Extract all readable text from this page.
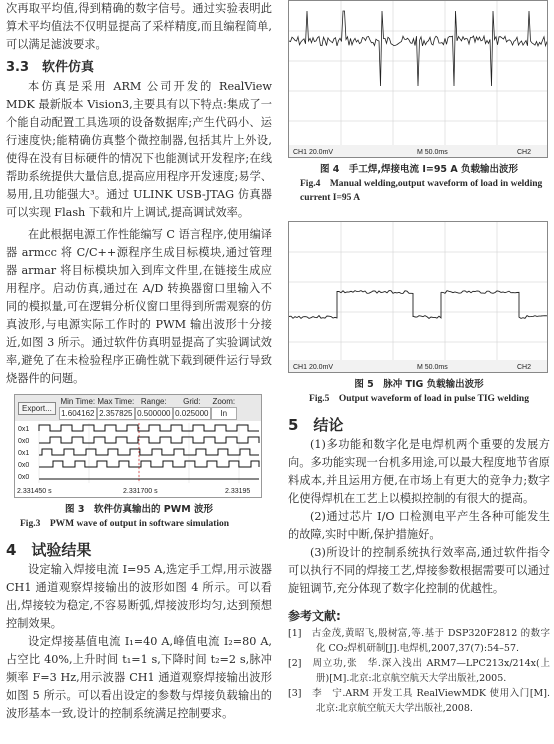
次再取平均值,得到精确的数字信号。通过实验表明此算术平均值法不仅明显提高了采样精度,而且编程简单,可以满足滤波要求。

3.3　软件仿真

本仿真是采用 ARM 公司开发的 RealView MDK 最新版本 Vision3,主要具有以下特点:集成了一个能自动配置工具选项的设备数据库;产生代码小、运行速度快;能精确仿真整个微控制器,包括其片上外设,使得在没有目标硬件的情况下也能测试开发程序;在线帮助系统提供大量信息,提高应用程序开发速度;易学、易用,且功能强大³。通过 ULINK USB-JTAG 仿真器可以实现 Flash 下载和片上调试,提高调试效率。

在此根据电源工作性能编写 C 语言程序,使用编译器 armcc 将 C/C++源程序生成目标模块,通过管理器 armar 将目标模块加入到库文件里,在链接生成应用程序。启动仿真,通过在 A/D 转换器窗口里输入不同的模拟量,可在逻辑分析仪窗口里得到所需观察的仿真波形,与电源实际工作时的 PWM 输出波形十分接近,如图 3 所示。通过软件仿真明显提高了实验调试效率,避免了在未检验程序正确性就下载到硬件运行导致烧器件的问题。

Export...
Min Time:
1.604162
Max Time:
2.357825
Range:
0.500000
Grid:
0.025000
Zoom:
In
0x1
0x0
0x1
0x0
0x0
2.331450 s	2.331700 s	2.33195
图 3　软件仿真输出的 PWM 波形
Fig.3　PWM wave of output in software simulation
4　试验结果

设定输入焊接电流 I=95 A,选定手工焊,用示波器 CH1 通道观察焊接输出的波形如图 4 所示。可以看出,焊接较为稳定,不容易断弧,焊接波形均匀,达到预想控制效果。

设定焊接基值电流 I₁=40 A,峰值电流 I₂=80 A,占空比 40%,上升时间 t₁=1 s,下降时间 t₂=2 s,脉冲频率 F=3 Hz,用示波器 CH1 通道观察焊接输出波形如图 5 所示。可以看出设定的参数与焊接负载输出的波形基本一致,设计的控制系统满足控制要求。

CH1 20.0mV	M 50.0ms	CH2
图 4　手工焊,焊接电流 I=95 A 负载输出波形
Fig.4　Manual welding,output waveform of load in welding current I=95 A
CH1 20.0mV	M 50.0ms	CH2
图 5　脉冲 TIG 负载输出波形
Fig.5　Output waveform of load in pulse TIG welding
5　结论

(1)多功能和数字化是电焊机两个重要的发展方向。多功能实现一台机多用途,可以最大程度地节省原料成本,并且运用方便,在市场上有更大的竞争力;数字化使得焊机在工艺上以模拟控制的有很大的提高。

(2)通过芯片 I/O 口检测电平产生各种可能发生的故障,实时中断,保护措施好。

(3)所设计的控制系统执行效率高,通过软件指令可以执行不同的焊接工艺,焊接参数根据需要可以通过旋钮调节,充分体现了数字化控制的优越性。

参考文献:
[1]　古金茂,黄昭飞,殷树富,等.基于 DSP320F2812 的数字化 CO₂焊机研制[J].电焊机,2007,37(7):54–57.
[2]　周立功,张　华.深入浅出 ARM7—LPC213x/214x(上册)[M].北京:北京航空航天大学出版社,2005.
[3]　李　宁.ARM 开发工具 RealViewMDK 使用入门[M].北京:北京航空航天大学出版社,2008.
